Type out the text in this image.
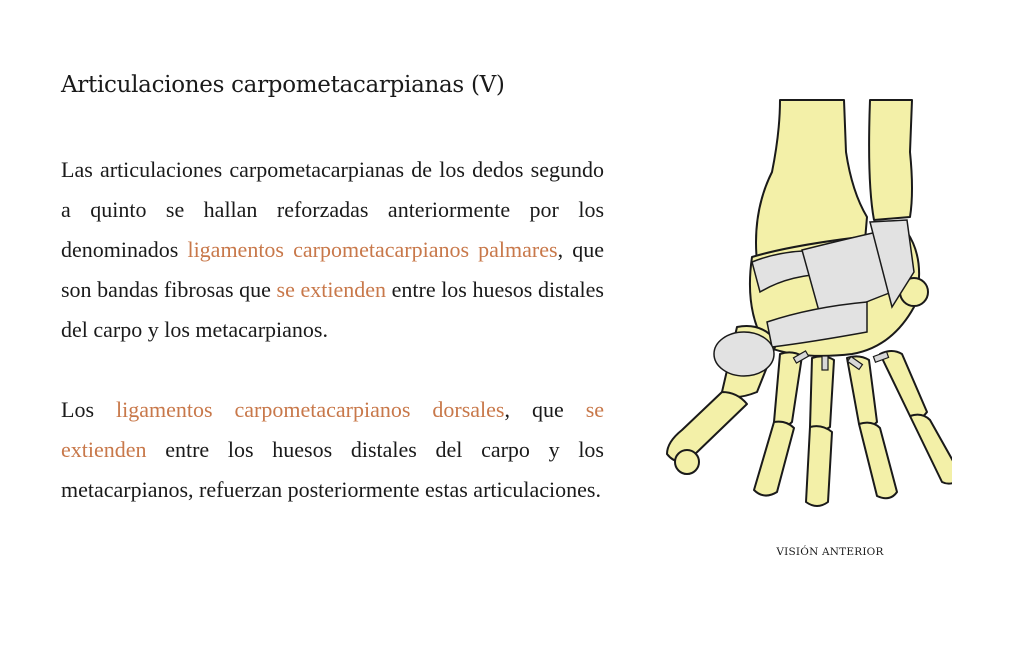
Articulaciones carpometacarpianas (V)

Las articulaciones carpometacarpianas de los dedos segundo a quinto se hallan reforzadas anteriormente por los denominados ligamentos carpometacarpianos palmares, que son bandas fibrosas que se extienden entre los huesos distales del carpo y los metacarpianos.

Los ligamentos carpometacarpianos dorsales, que se extienden entre los huesos distales del carpo y los metacarpianos, refuerzan posteriormente estas articulaciones.

VISIÓN ANTERIOR
